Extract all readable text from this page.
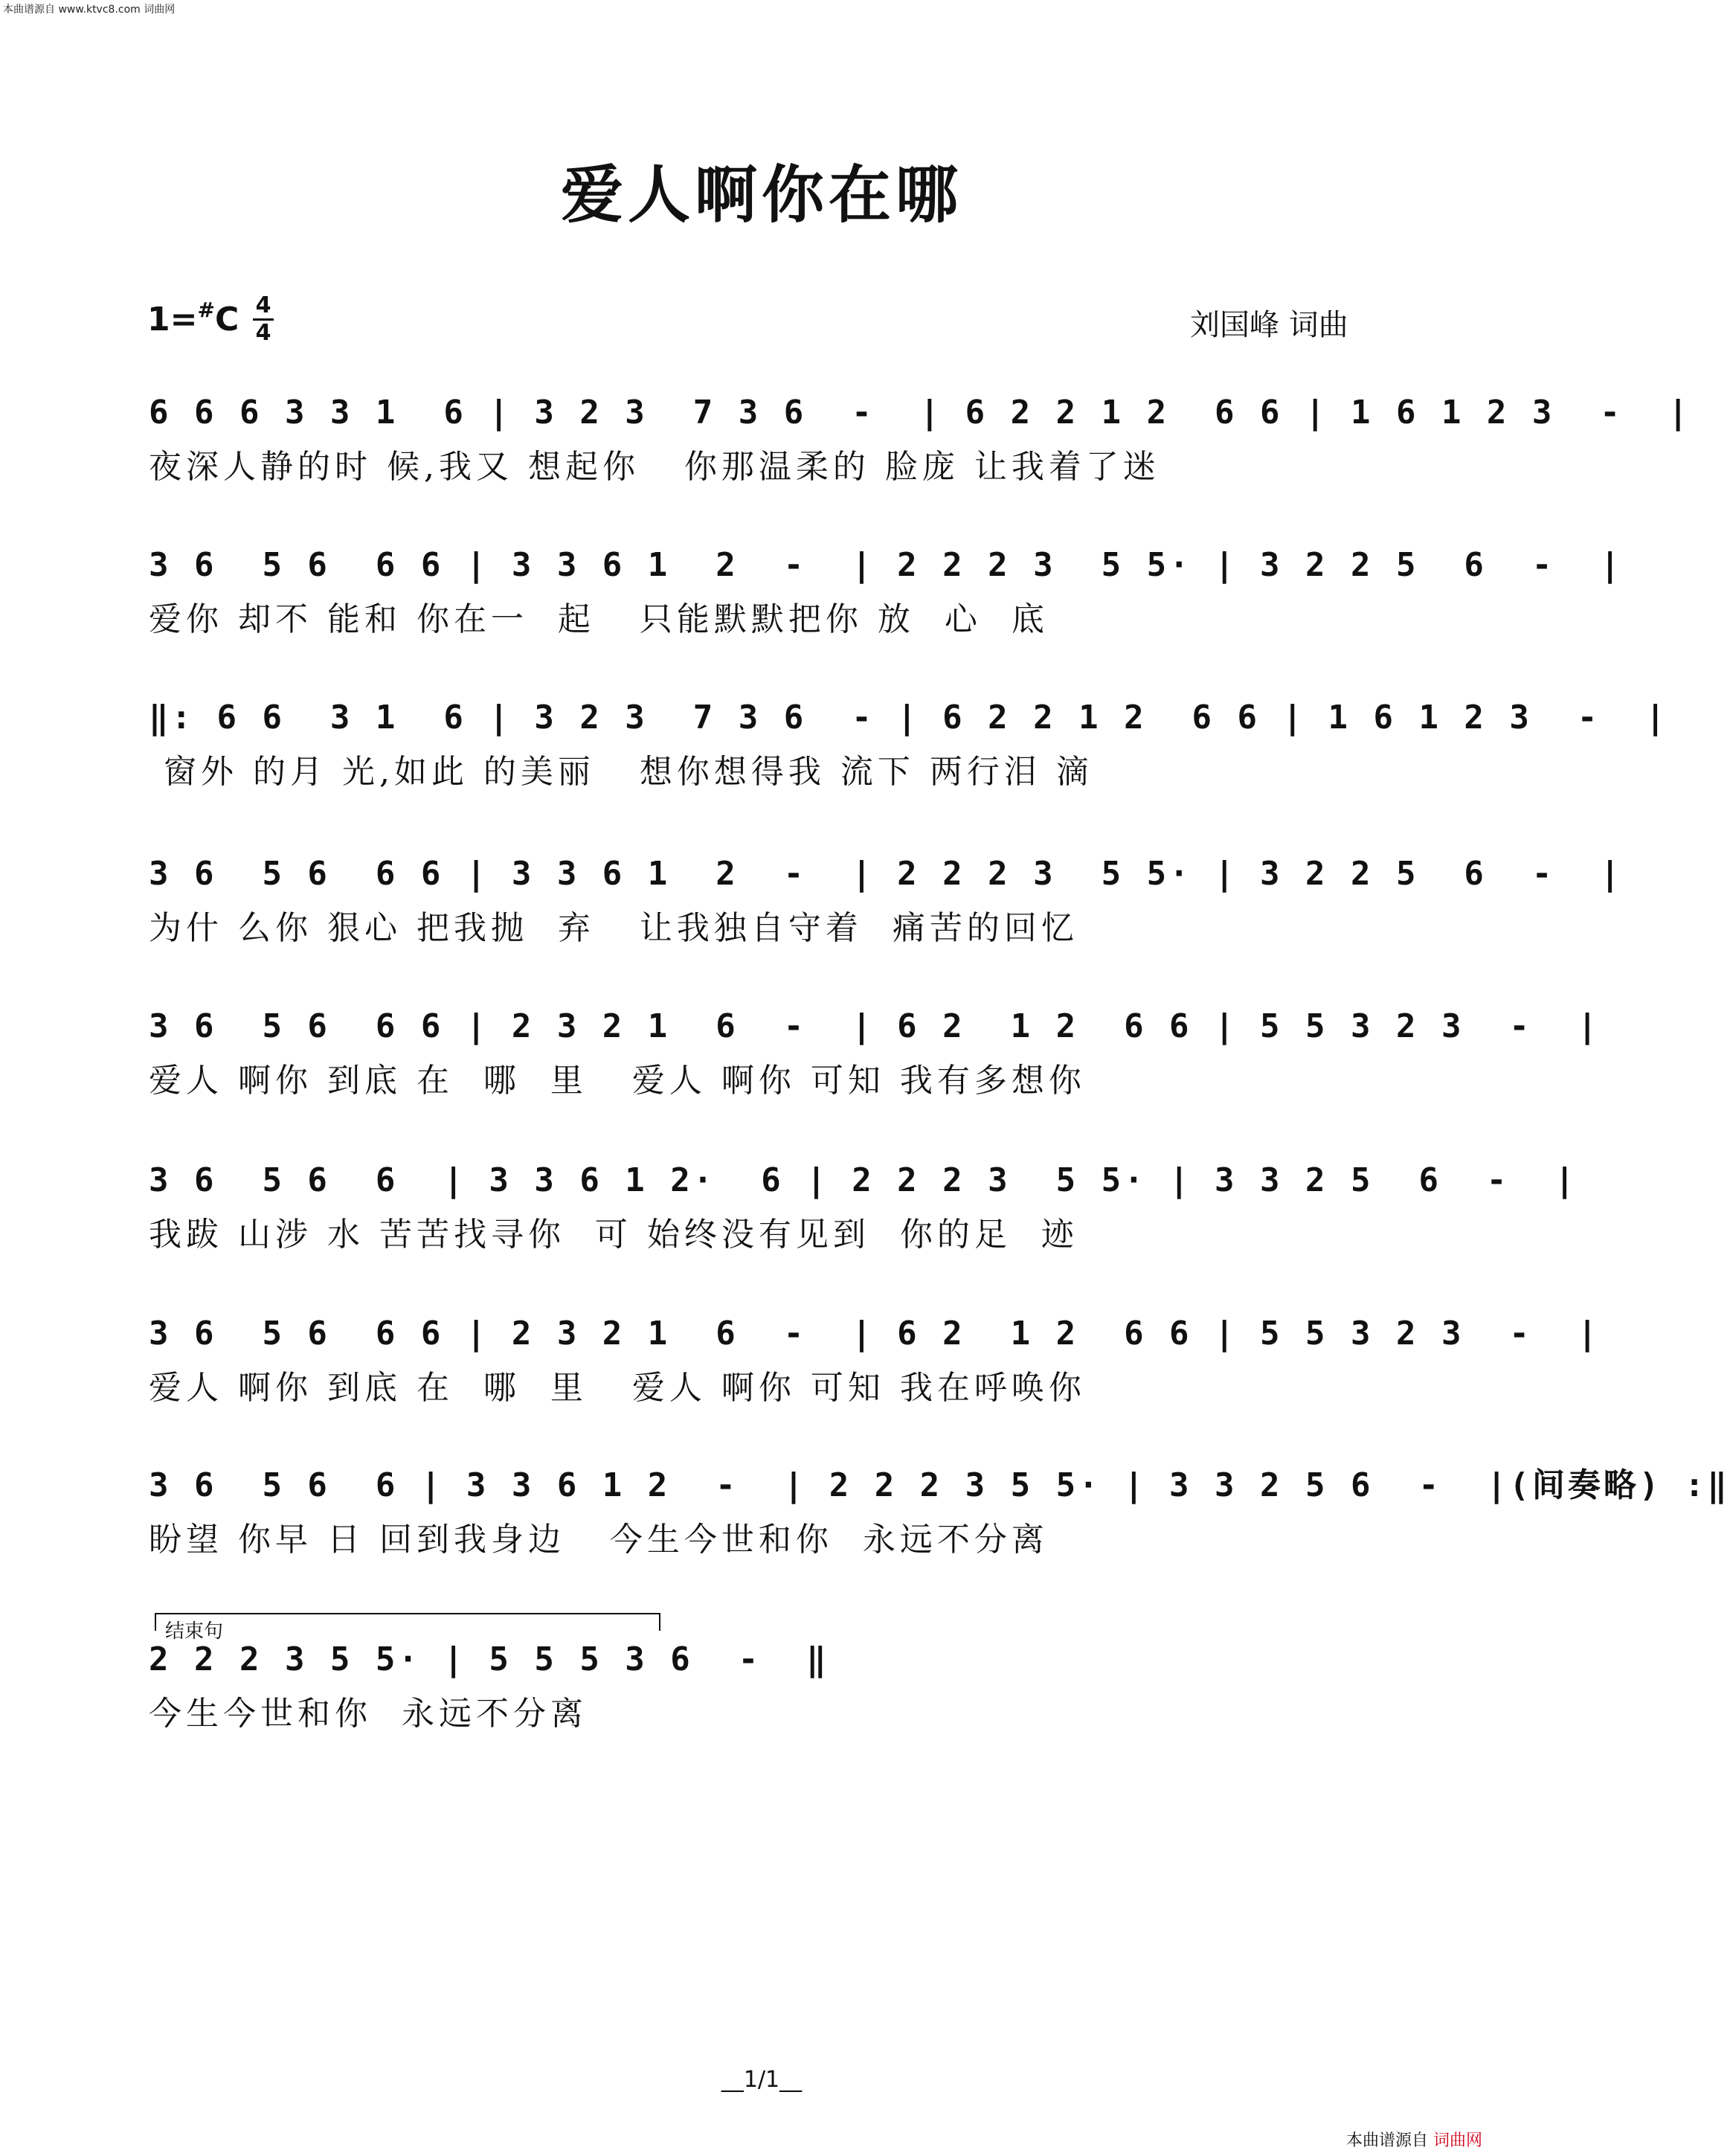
本曲谱源自 www.ktvc8.com 词曲网
爱人啊你在哪
1=#C 4
4	刘国峰 词曲
6 6 6 3 3 1  6 | 3 2 3  7 3 6  -  | 6 2 2 1 2  6 6 | 1 6 1 2 3  -  |
夜深人静的时 候,我又 想起你   你那温柔的 脸庞 让我着了迷
3 6  5 6  6 6 | 3 3 6 1  2  -  | 2 2 2 3  5 5· | 3 2 2 5  6  -  |
爱你 却不 能和 你在一  起   只能默默把你 放  心  底
‖: 6 6  3 1  6 | 3 2 3  7 3 6  - | 6 2 2 1 2  6 6 | 1 6 1 2 3  -  |
窗外 的月 光,如此 的美丽   想你想得我 流下 两行泪 滴
3 6  5 6  6 6 | 3 3 6 1  2  -  | 2 2 2 3  5 5· | 3 2 2 5  6  -  |
为什 么你 狠心 把我抛  弃   让我独自守着  痛苦的回忆
3 6  5 6  6 6 | 2 3 2 1  6  -  | 6 2  1 2  6 6 | 5 5 3 2 3  -  |
爱人 啊你 到底 在  哪  里   爱人 啊你 可知 我有多想你
3 6  5 6  6  | 3 3 6 1 2·  6 | 2 2 2 3  5 5· | 3 3 2 5  6  -  |
我跋 山涉 水 苦苦找寻你  可 始终没有见到  你的足  迹
3 6  5 6  6 6 | 2 3 2 1  6  -  | 6 2  1 2  6 6 | 5 5 3 2 3  -  |
爱人 啊你 到底 在  哪  里   爱人 啊你 可知 我在呼唤你
3 6  5 6  6 | 3 3 6 1 2  -  | 2 2 2 3 5 5· | 3 3 2 5 6  -  |(间奏略) :‖
盼望 你早 日 回到我身边   今生今世和你  永远不分离
结束句
2 2 2 3 5 5· | 5 5 5 3 6  -  ‖
今生今世和你  永远不分离
__1/1__
本曲谱源自 词曲网
